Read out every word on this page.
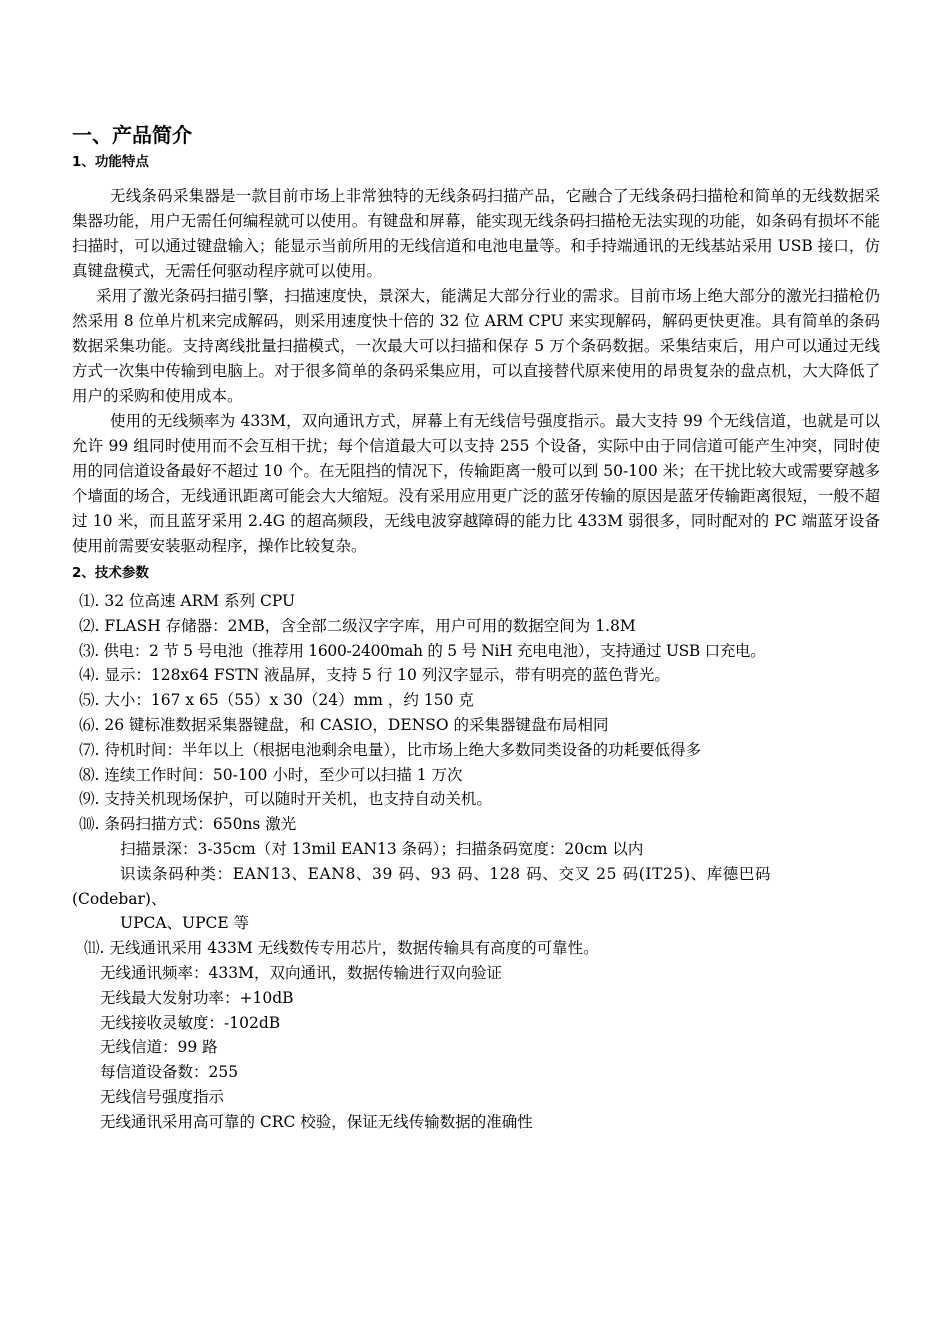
一、产品简介
1、功能特点

无线条码采集器是一款目前市场上非常独特的无线条码扫描产品，它融合了无线条码扫描枪和简单的无线数据采集器功能，用户无需任何编程就可以使用。有键盘和屏幕，能实现无线条码扫描枪无法实现的功能，如条码有损坏不能扫描时，可以通过键盘输入；能显示当前所用的无线信道和电池电量等。和手持端通讯的无线基站采用 USB 接口，仿真键盘模式，无需任何驱动程序就可以使用。

采用了激光条码扫描引擎，扫描速度快，景深大，能满足大部分行业的需求。目前市场上绝大部分的激光扫描枪仍然采用 8 位单片机来完成解码，则采用速度快十倍的 32 位 ARM CPU 来实现解码，解码更快更准。具有简单的条码数据采集功能。支持离线批量扫描模式，一次最大可以扫描和保存 5 万个条码数据。采集结束后，用户可以通过无线方式一次集中传输到电脑上。对于很多简单的条码采集应用，可以直接替代原来使用的昂贵复杂的盘点机，大大降低了用户的采购和使用成本。

使用的无线频率为 433M，双向通讯方式，屏幕上有无线信号强度指示。最大支持 99 个无线信道，也就是可以允许 99 组同时使用而不会互相干扰；每个信道最大可以支持 255 个设备，实际中由于同信道可能产生冲突，同时使用的同信道设备最好不超过 10 个。在无阻挡的情况下，传输距离一般可以到 50-100 米；在干扰比较大或需要穿越多个墙面的场合，无线通讯距离可能会大大缩短。没有采用应用更广泛的蓝牙传输的原因是蓝牙传输距离很短，一般不超过 10 米，而且蓝牙采用 2.4G 的超高频段，无线电波穿越障碍的能力比 433M 弱很多，同时配对的 PC 端蓝牙设备使用前需要安装驱动程序，操作比较复杂。

2、技术参数
⑴. 32 位高速 ARM 系列 CPU
⑵. FLASH 存储器：2MB，含全部二级汉字字库，用户可用的数据空间为 1.8M
⑶. 供电：2 节 5 号电池（推荐用 1600-2400mah 的 5 号 NiH 充电电池），支持通过 USB 口充电。
⑷. 显示：128x64 FSTN 液晶屏，支持 5 行 10 列汉字显示，带有明亮的蓝色背光。
⑸. 大小：167 x 65（55）x 30（24）mm ，约 150 克
⑹. 26 键标准数据采集器键盘，和 CASIO，DENSO 的采集器键盘布局相同
⑺. 待机时间：半年以上（根据电池剩余电量），比市场上绝大多数同类设备的功耗要低得多
⑻. 连续工作时间：50-100 小时，至少可以扫描 1 万次
⑼. 支持关机现场保护，可以随时开关机，也支持自动关机。
⑽. 条码扫描方式：650ns 激光
扫描景深：3-35cm（对 13mil EAN13 条码）；扫描条码宽度：20cm 以内
识读条码种类：EAN13、EAN8、39 码、93 码、128 码、交叉 25 码(IT25)、库德巴码
(Codebar)、
UPCA、UPCE 等
⑾. 无线通讯采用 433M 无线数传专用芯片，数据传输具有高度的可靠性。
无线通讯频率：433M，双向通讯，数据传输进行双向验证
无线最大发射功率：+10dB
无线接收灵敏度：-102dB
无线信道：99 路
每信道设备数：255
无线信号强度指示
无线通讯采用高可靠的 CRC 校验，保证无线传输数据的准确性
